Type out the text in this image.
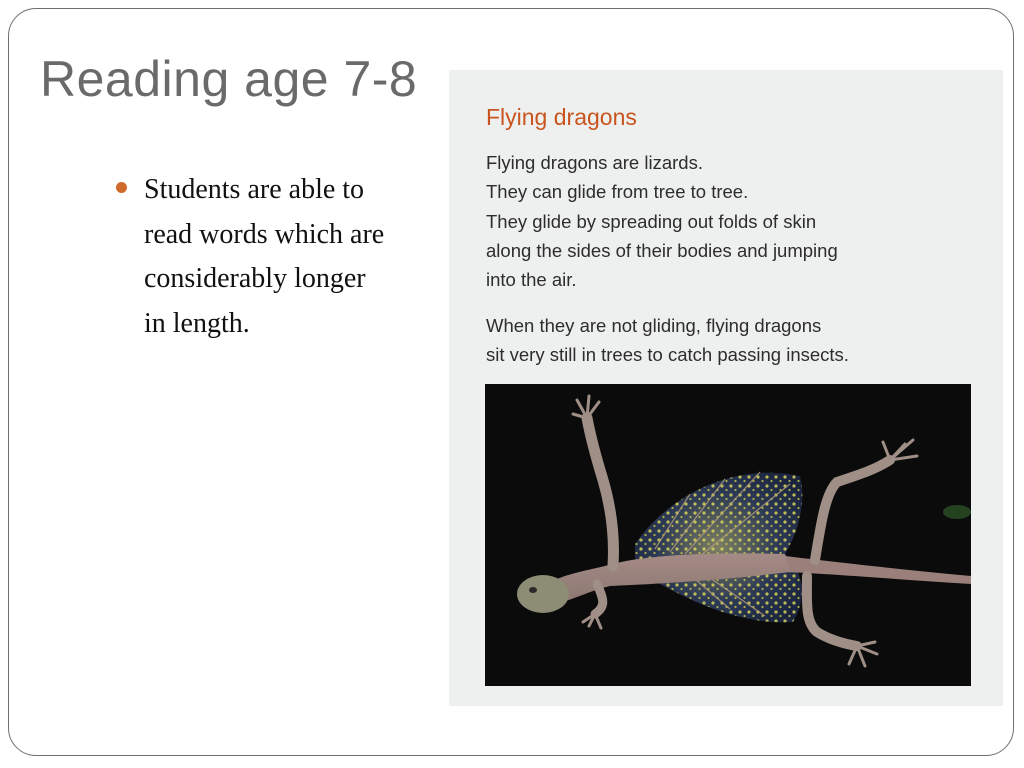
Reading age 7-8
Students are able to read words which are considerably longer in length.
Flying dragons
Flying dragons are lizards.
They can glide from tree to tree.
They glide by spreading out folds of skin
along the sides of their bodies and jumping
into the air.
When they are not gliding, flying dragons
sit very still in trees to catch passing insects.
